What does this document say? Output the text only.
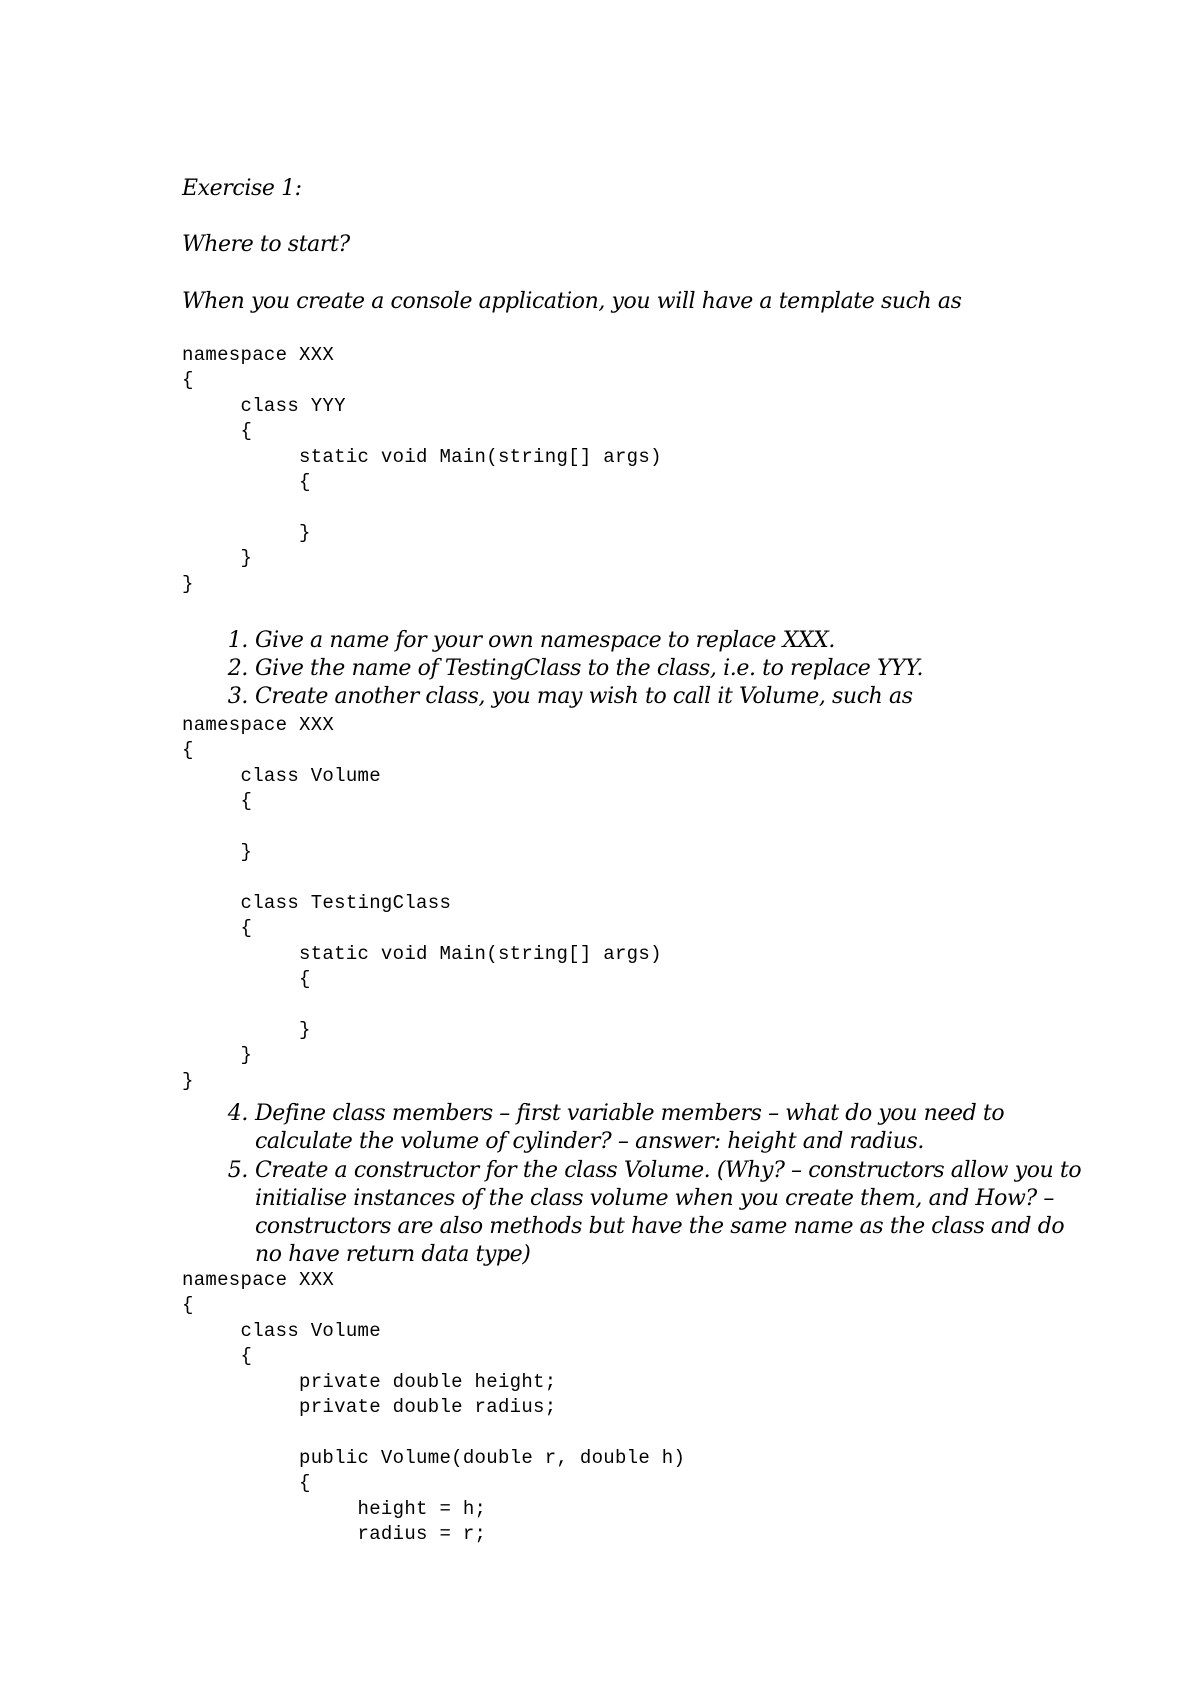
Exercise 1:
Where to start?
When you create a console application, you will have a template such as
namespace XXX
{
class YYY
{
static void Main(string[] args)
{

}
}
}
1. Give a name for your own namespace to replace XXX.
2. Give the name of TestingClass to the class, i.e. to replace YYY.
3. Create another class, you may wish to call it Volume, such as
namespace XXX
{
class Volume
{

}

class TestingClass
{
static void Main(string[] args)
{

}
}
}
4. Define class members – first variable members – what do you need to
calculate the volume of cylinder? – answer: height and radius.
5. Create a constructor for the class Volume. (Why? – constructors allow you to
initialise instances of the class volume when you create them, and How? –
constructors are also methods but have the same name as the class and do
no have return data type)
namespace XXX
{
class Volume
{
private double height;
private double radius;

public Volume(double r, double h)
{
height = h;
radius = r;
